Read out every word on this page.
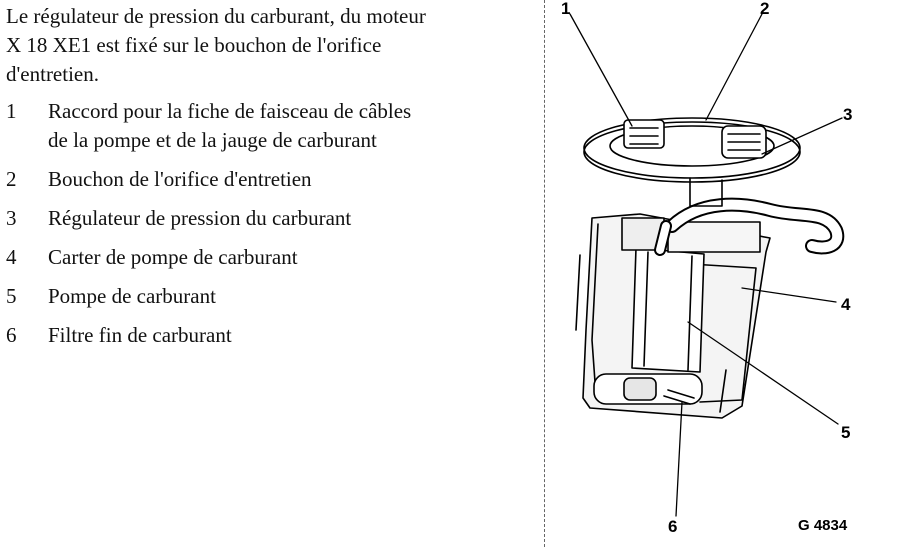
Le régulateur de pression du carburant, du moteur
X 18 XE1 est fixé sur le bouchon de l'orifice
d'entretien.

1	Raccord pour la fiche de faisceau de câbles
de la pompe et de la jauge de carburant
2	Bouchon de l'orifice d'entretien
3	Régulateur de pression du carburant
4	Carter de pompe de carburant
5	Pompe de carburant
6	Filtre fin de carburant
1	2
3
4
5
6	G 4834
